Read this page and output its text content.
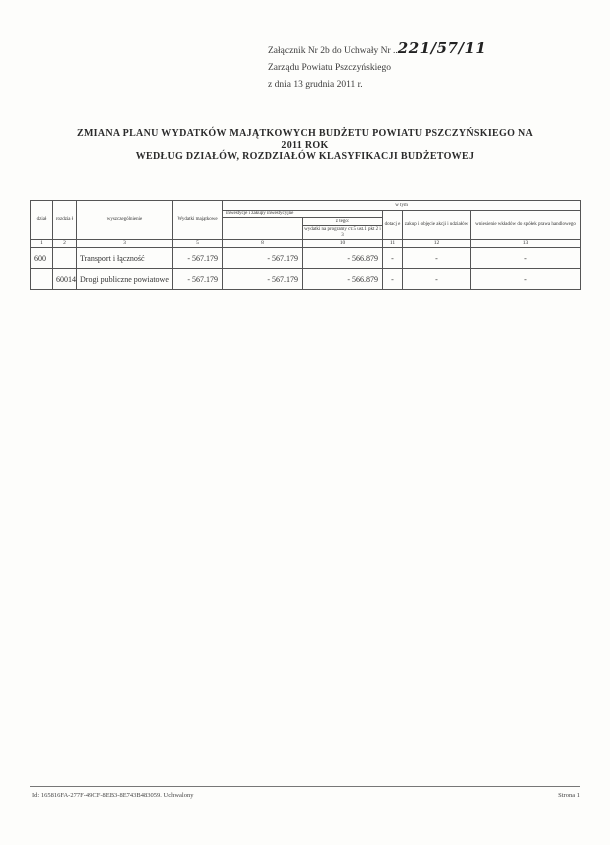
Załącznik Nr 2b do Uchwały Nr ..221/57/11
Zarządu Powiatu Pszczyńskiego
z dnia 13 grudnia 2011 r.
ZMIANA PLANU WYDATKÓW MAJĄTKOWYCH BUDŻETU POWIATU PSZCZYŃSKIEGO NA
2011 ROK
WEDŁUG DZIAŁÓW, ROZDZIAŁÓW KLASYFIKACJI BUDŻETOWEJ
dział	rozdzia ł	wyszczególnienie	Wydatki majątkowe	w tym				
				inwestycje i zakupy inwestycyjne		dotacj e	zakup i objęcie akcji i udziałów	wniesienie wkładów do spółek prawa handlowego

					z tego:
wydatki na programy ст.5 ust.1 pkt 2 i 3			

1	2	3	5	8	10	11	12	13
600		Transport i łączność	- 567.179	- 567.179	- 566.879	-	-	-
	60014	Drogi publiczne powiatowe	- 567.179	- 567.179	- 566.879	-	-	-
Id: 165816FA-277F-49CF-8EB3-8E743B483059. Uchwalony	Strona 1
